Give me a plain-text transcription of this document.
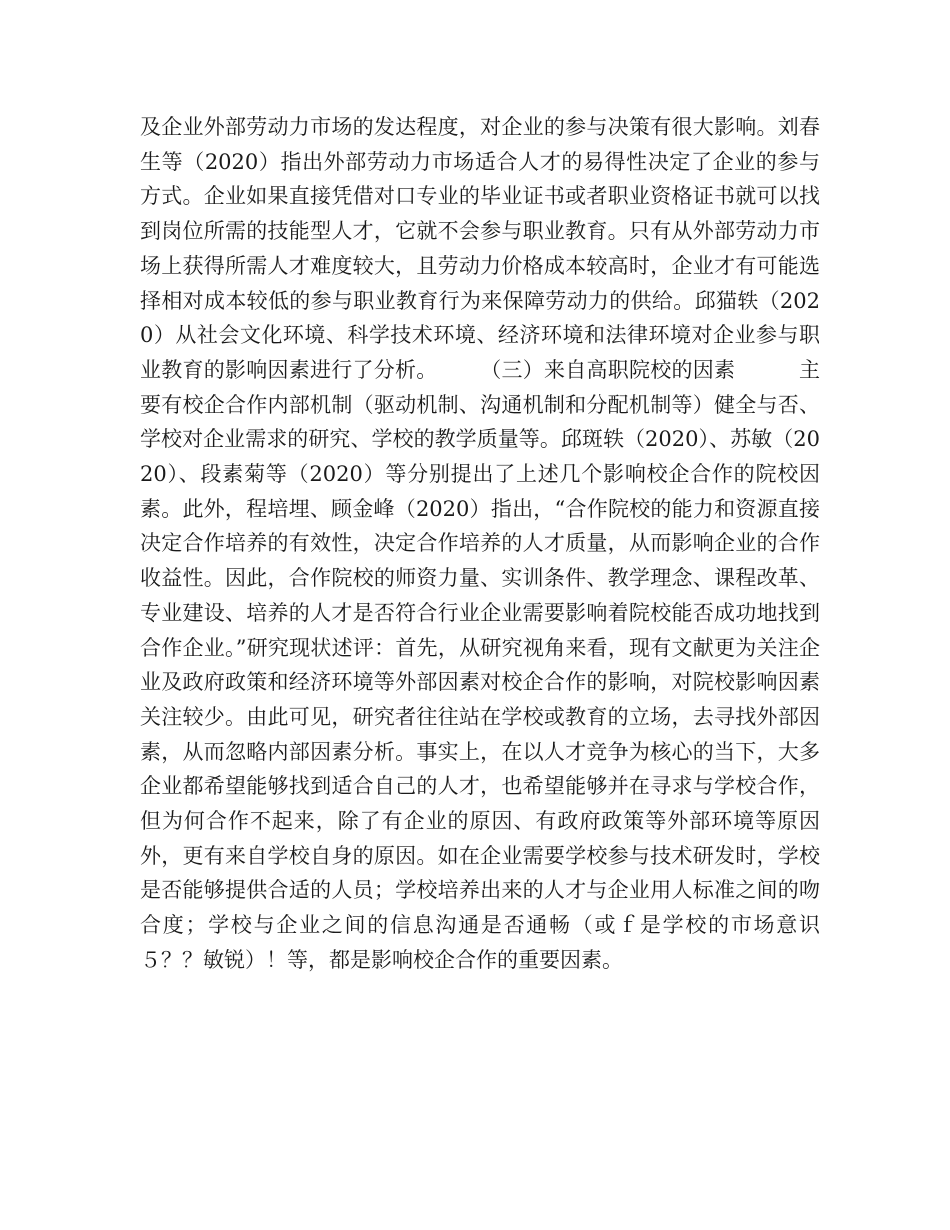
及企业外部劳动力市场的发达程度，对企业的参与决策有很大影响。刘春生等（2020）指出外部劳动力市场适合人才的易得性决定了企业的参与方式。企业如果直接凭借对口专业的毕业证书或者职业资格证书就可以找到岗位所需的技能型人才，它就不会参与职业教育。只有从外部劳动力市场上获得所需人才难度较大，且劳动力价格成本较高时，企业才有可能选择相对成本较低的参与职业教育行为来保障劳动力的供给。邱猫轶（2020）从社会文化环境、科学技术环境、经济环境和法律环境对企业参与职业教育的影响因素进行了分析。　　　（三）来自高职院校的因素　　　主要有校企合作内部机制（驱动机制、沟通机制和分配机制等）健全与否、学校对企业需求的研究、学校的教学质量等。邱斑轶（2020）、苏敏（2020）、段素菊等（2020）等分别提出了上述几个影响校企合作的院校因素。此外，程培埋、顾金峰（2020）指出，“合作院校的能力和资源直接决定合作培养的有效性，决定合作培养的人才质量，从而影响企业的合作收益性。因此，合作院校的师资力量、实训条件、教学理念、课程改革、专业建设、培养的人才是否符合行业企业需要影响着院校能否成功地找到合作企业。”研究现状述评：首先，从研究视角来看，现有文献更为关注企业及政府政策和经济环境等外部因素对校企合作的影响，对院校影响因素关注较少。由此可见，研究者往往站在学校或教育的立场，去寻找外部因素，从而忽略内部因素分析。事实上，在以人才竞争为核心的当下，大多企业都希望能够找到适合自己的人才，也希望能够并在寻求与学校合作，但为何合作不起来，除了有企业的原因、有政府政策等外部环境等原因外，更有来自学校自身的原因。如在企业需要学校参与技术研发时，学校是否能够提供合适的人员；学校培养出来的人才与企业用人标准之间的吻合度；学校与企业之间的信息沟通是否通畅（或ｆ是学校的市场意识５？？敏锐）！等，都是影响校企合作的重要因素。
